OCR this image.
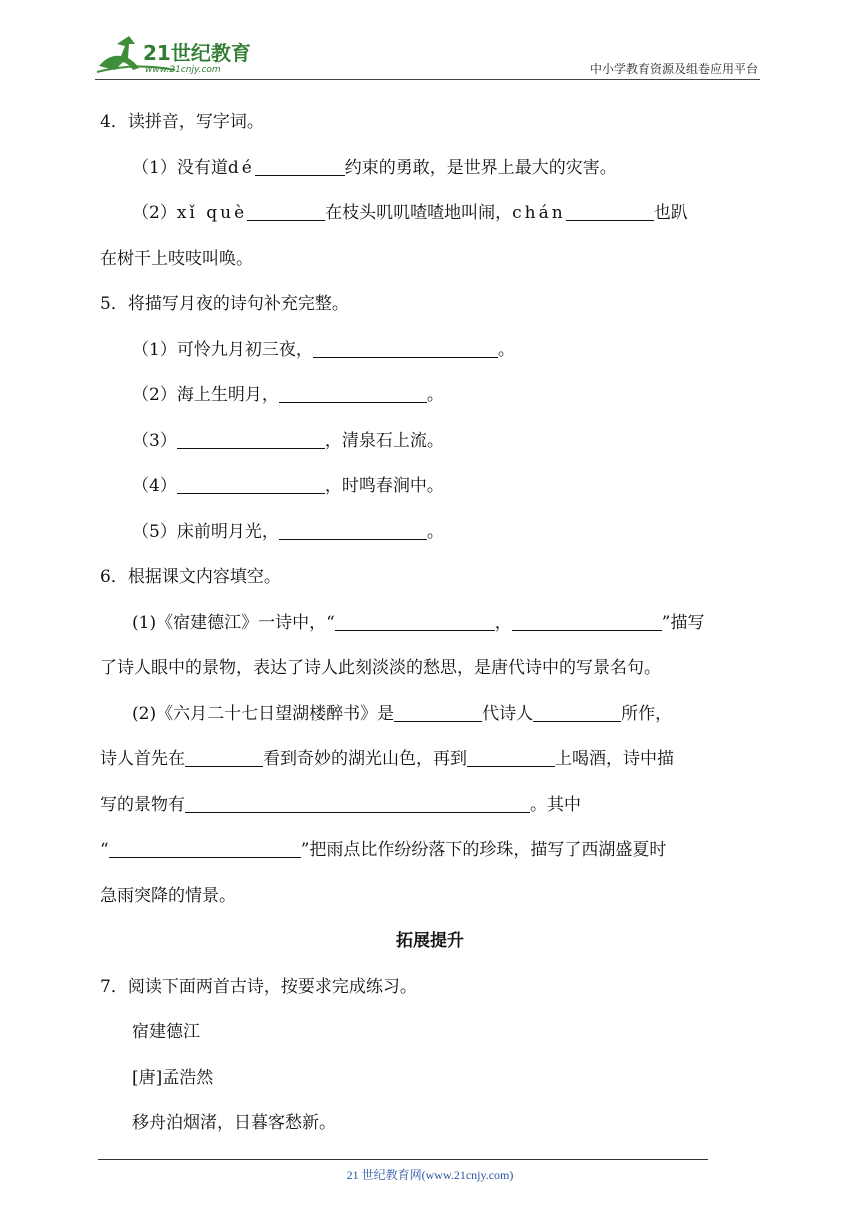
21世纪教育
www.21cnjy.com	中小学教育资源及组卷应用平台
4．读拼音，写字词。
（1）没有道dé	约束的勇敢，是世界上最大的灾害。
（2）xǐ què	在枝头叽叽喳喳地叫闹，chán	也趴
在树干上吱吱叫唤。
5．将描写月夜的诗句补充完整。
（1）可怜九月初三夜，	。
（2）海上生明月，	。
（3）	，清泉石上流。
（4）	，时鸣春涧中。
（5）床前明月光，	。
6．根据课文内容填空。
(1)《宿建德江》一诗中，“	，	”描写
了诗人眼中的景物，表达了诗人此刻淡淡的愁思，是唐代诗中的写景名句。
(2)《六月二十七日望湖楼醉书》是	代诗人	所作，
诗人首先在	看到奇妙的湖光山色，再到	上喝酒，诗中描
写的景物有	。其中
“	”把雨点比作纷纷落下的珍珠，描写了西湖盛夏时
急雨突降的情景。
拓展提升
7．阅读下面两首古诗，按要求完成练习。
宿建德江
[唐]孟浩然
移舟泊烟渚，日暮客愁新。
21 世纪教育网(www.21cnjy.com)
